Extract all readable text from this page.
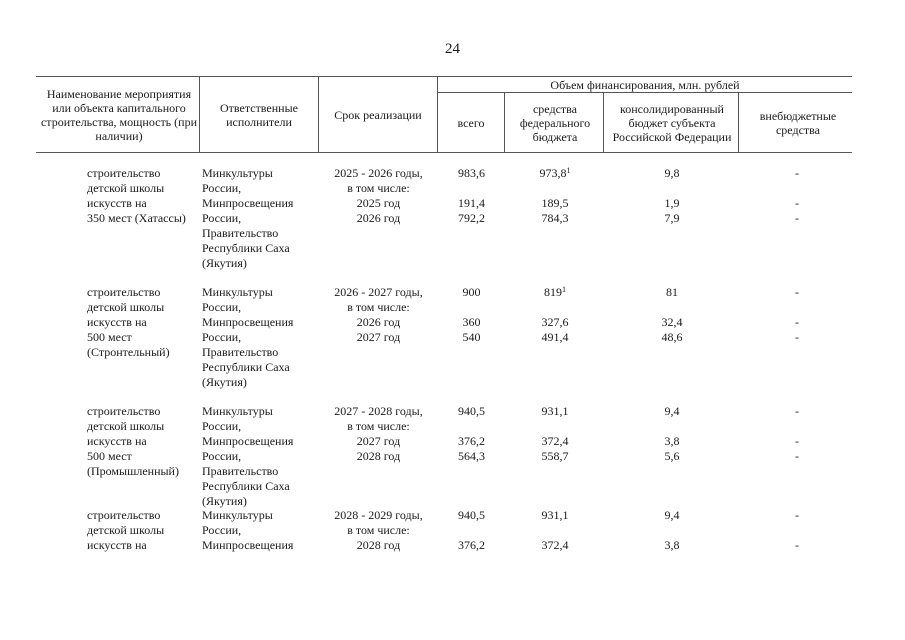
24
Наименование мероприятия или объекта капитального строительства, мощность (при наличии)
Ответственные исполнители	Срок реализации
Объем финансирования, млн. рублей
всего
средства федерального бюджета
консолидированный бюджет субъекта Российской Федерации
внебюджетные средства
строительство
детской школы
искусств на
350 мест (Хатассы)
Минкультуры
России,
Минпросвещения
России,
Правительство
Республики Саха
(Якутия)
2025 - 2026 годы,
в том числе:
2025 год
2026 год
983,6
191,4
792,2
973,8$^1$
189,5
784,3
9,8
1,9
7,9
-
-
-
строительство
детской школы
искусств на
500 мест
(Стронтельный)
Минкультуры
России,
Минпросвещения
России,
Правительство
Республики Саха
(Якутия)
2026 - 2027 годы,
в том числе:
2026 год
2027 год
900
360
540
$819^1$
327,6
491,4
81
32,4
48,6
-
-
-
строительство
детской школы
искусств на
500 мест
(Промышленный)
Минкультуры
России,
Минпросвещения
России,
Правительство
Республики Саха
(Якутия)
2027 - 2028 годы,
в том числе:
2027 год
2028 год
940,5
376,2
564,3
931,1
372,4
558,7
9,4
3,8
5,6
-
-
-
строительство
детской школы
искусств на
Минкультуры
России,
Минпросвещения
2028 - 2029 годы,
в том числе:
2028 год
940,5
376,2
931,1
372,4
9,4
3,8
-
-
